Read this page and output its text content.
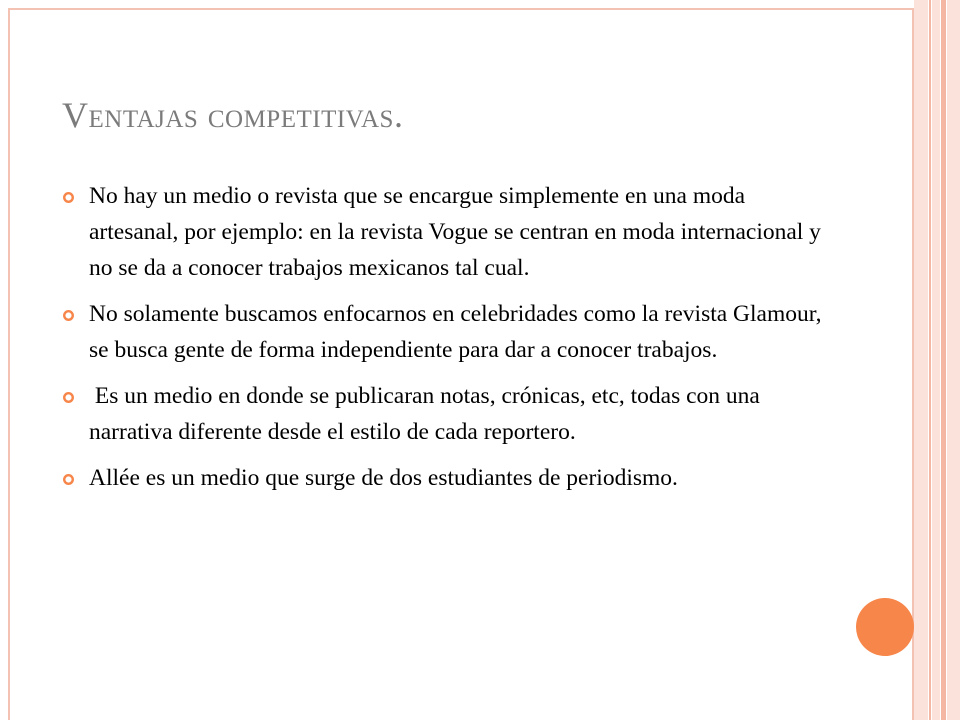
Ventajas competitivas.
No hay un medio o revista que se encargue simplemente en una moda artesanal, por ejemplo: en la revista Vogue se centran en moda internacional y no se da a conocer trabajos mexicanos tal cual.
No solamente buscamos enfocarnos en celebridades como la revista Glamour, se busca gente de forma independiente para dar a conocer trabajos.
Es un medio en donde se publicaran notas, crónicas, etc, todas con una narrativa diferente desde el estilo de cada reportero.
Allée es un medio que surge de dos estudiantes de periodismo.
